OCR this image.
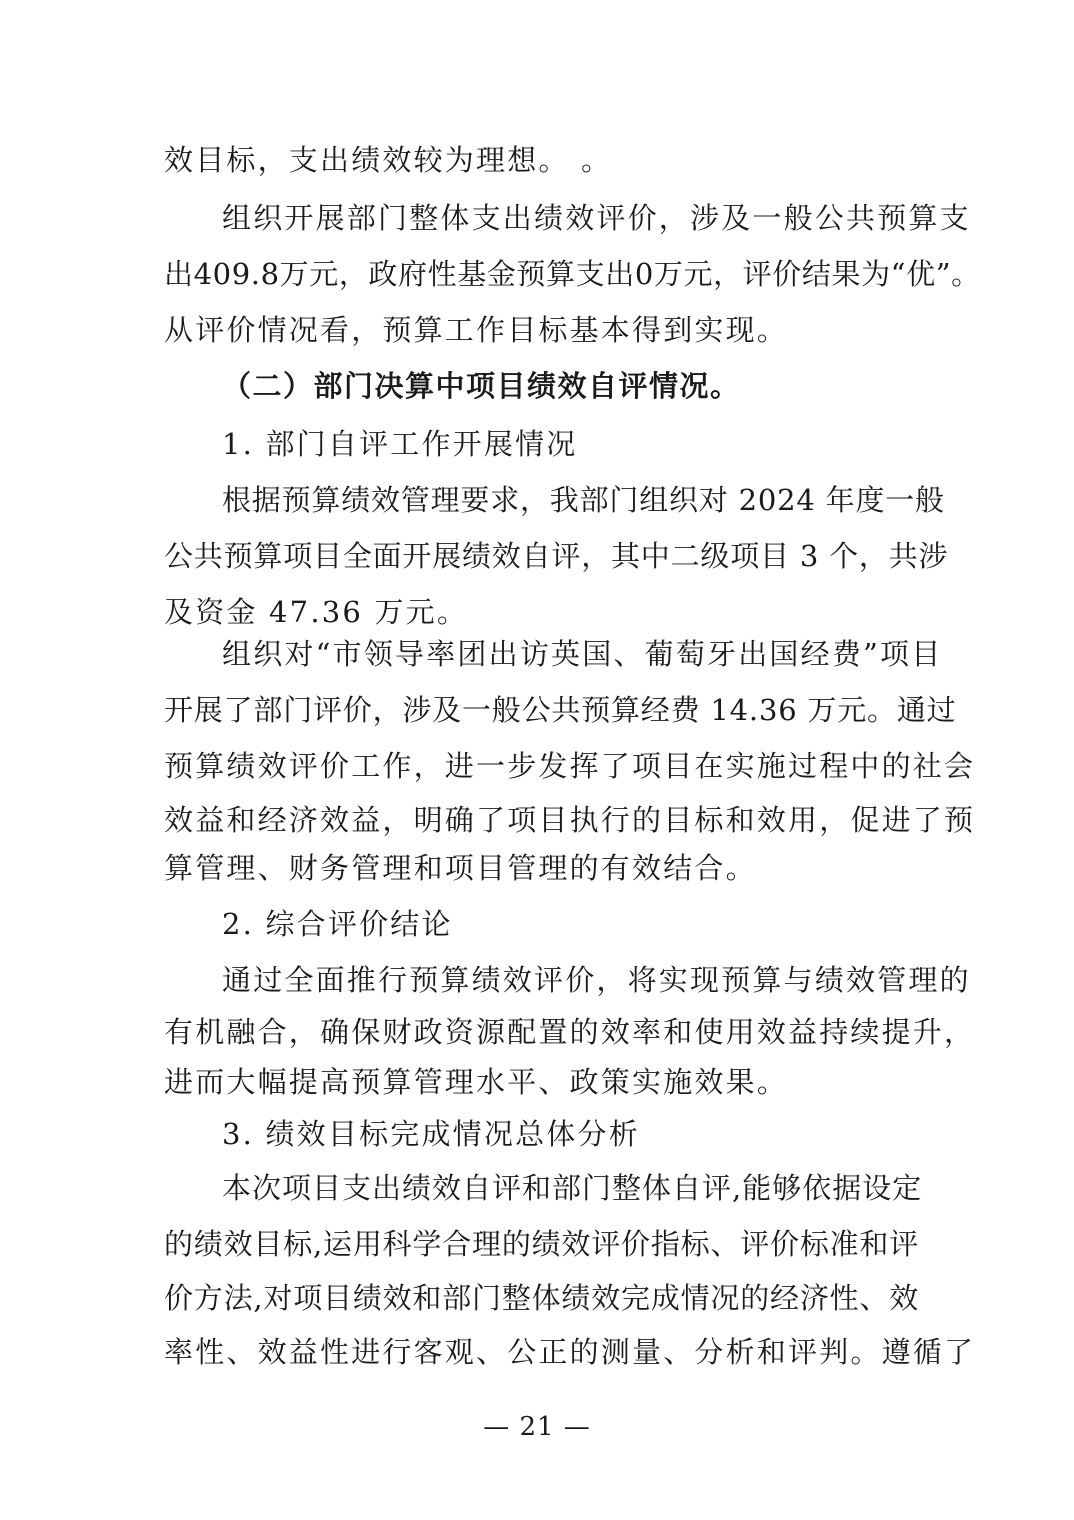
效目标，支出绩效较为理想。 。
组织开展部门整体支出绩效评价，涉及一般公共预算支
出409.8万元，政府性基金预算支出0万元，评价结果为“优”。
从评价情况看，预算工作目标基本得到实现。
（二）部门决算中项目绩效自评情况。
1. 部门自评工作开展情况
根据预算绩效管理要求，我部门组织对 2024 年度一般
公共预算项目全面开展绩效自评，其中二级项目 3 个，共涉
及资金 47.36 万元。
组织对“市领导率团出访英国、葡萄牙出国经费”项目
开展了部门评价，涉及一般公共预算经费 14.36 万元。通过
预算绩效评价工作，进一步发挥了项目在实施过程中的社会
效益和经济效益，明确了项目执行的目标和效用，促进了预
算管理、财务管理和项目管理的有效结合。
2. 综合评价结论
通过全面推行预算绩效评价，将实现预算与绩效管理的
有机融合，确保财政资源配置的效率和使用效益持续提升，
进而大幅提高预算管理水平、政策实施效果。
3. 绩效目标完成情况总体分析
本次项目支出绩效自评和部门整体自评,能够依据设定
的绩效目标,运用科学合理的绩效评价指标、评价标准和评
价方法,对项目绩效和部门整体绩效完成情况的经济性、效
率性、效益性进行客观、公正的测量、分析和评判。遵循了
— 21 —
